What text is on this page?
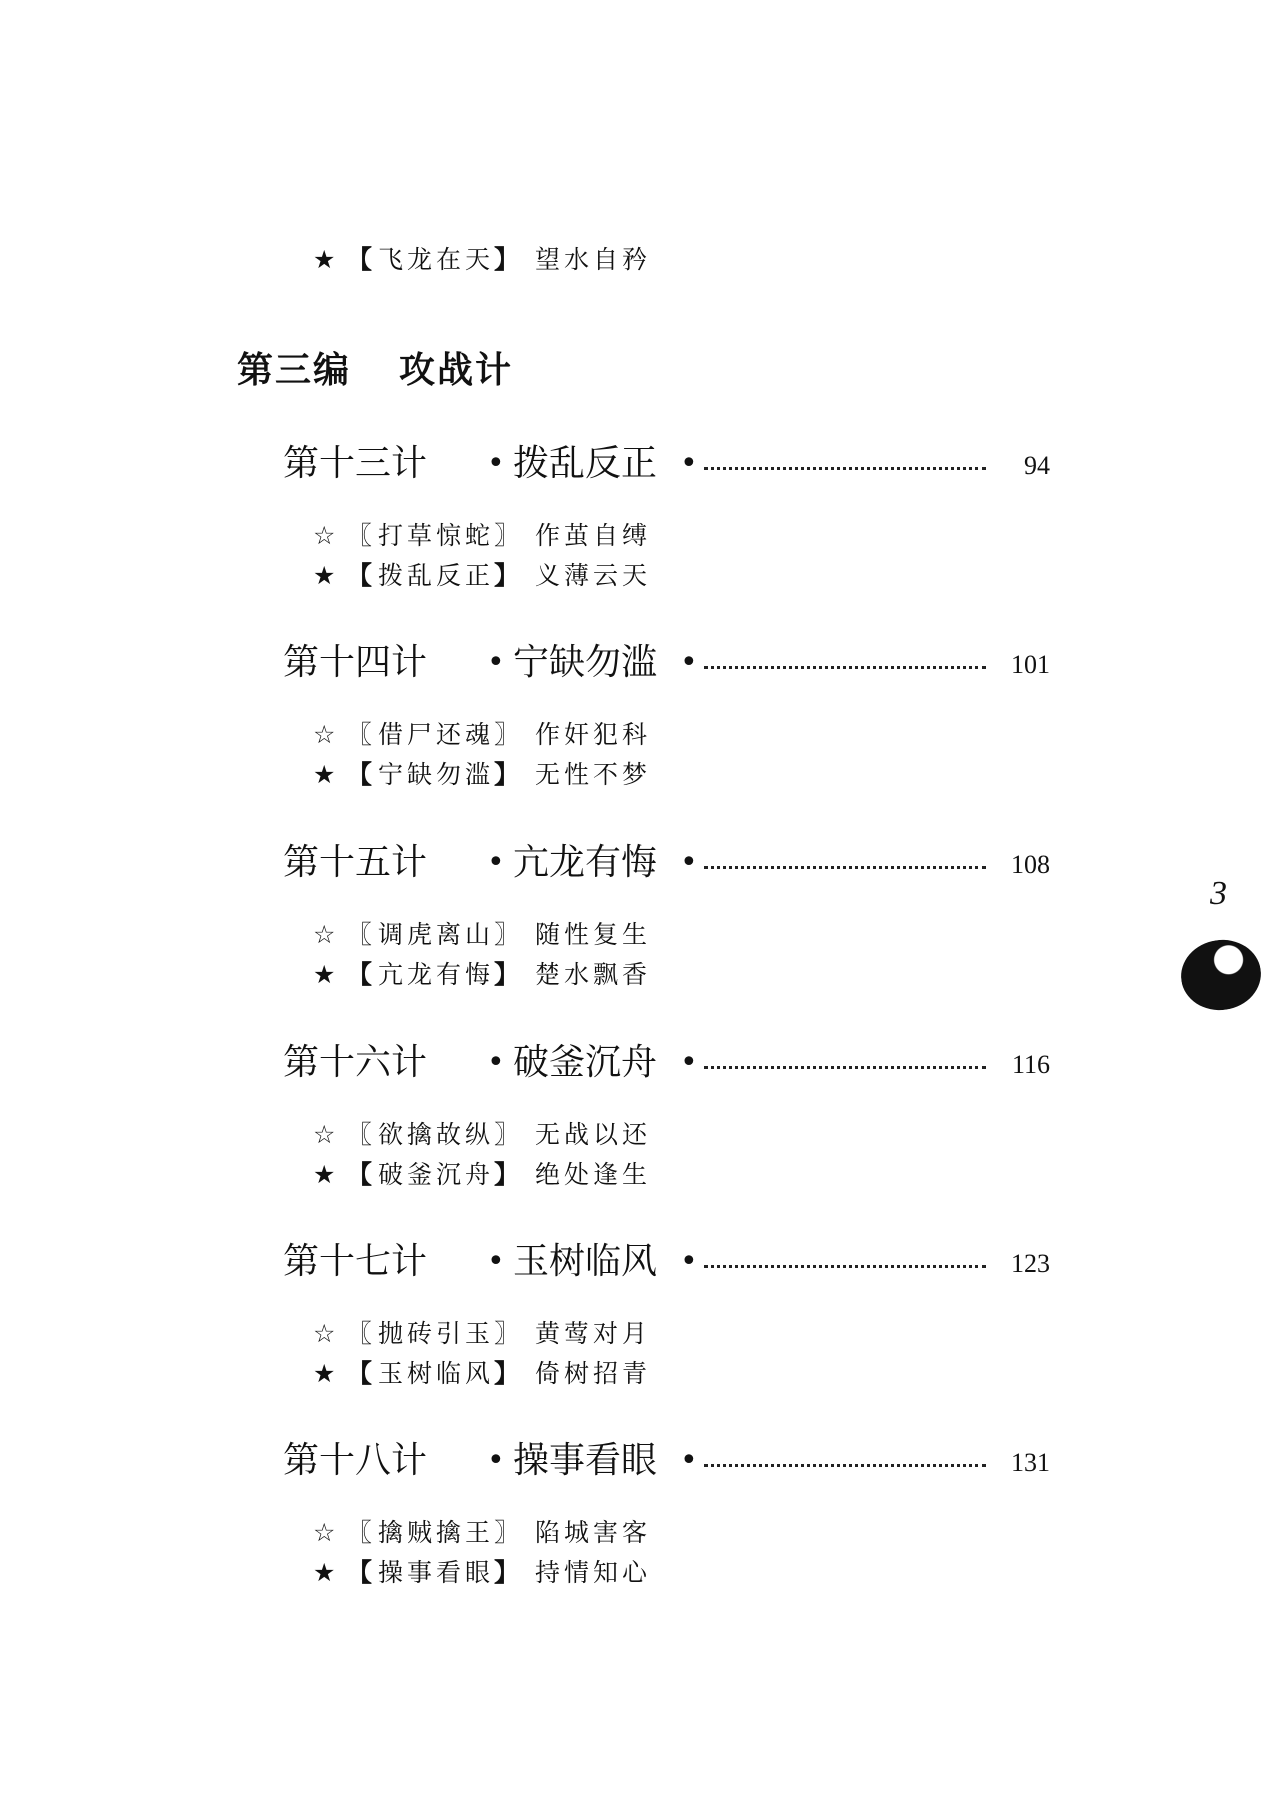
★ 【 飞龙在天】 望水自矜
第三编 攻战计
第十三计 • 拨乱反正 •	94
☆ 〖 打草惊蛇〗 作茧自缚
★ 【 拨乱反正】 义薄云天
第十四计 • 宁缺勿滥 •	101
☆ 〖 借尸还魂〗 作奸犯科
★ 【 宁缺勿滥】 无性不梦
第十五计 • 亢龙有悔 •	108
☆ 〖 调虎离山〗 随性复生
★ 【 亢龙有悔】 楚水飘香
第十六计 • 破釜沉舟 •	116
☆ 〖 欲擒故纵〗 无战以还
★ 【 破釜沉舟】 绝处逢生
第十七计 • 玉树临风 •	123
☆ 〖 抛砖引玉〗 黄莺对月
★ 【 玉树临风】 倚树招青
第十八计 • 操事看眼 •	131
☆ 〖 擒贼擒王〗 陷城害客
★ 【 操事看眼】 持情知心
3
